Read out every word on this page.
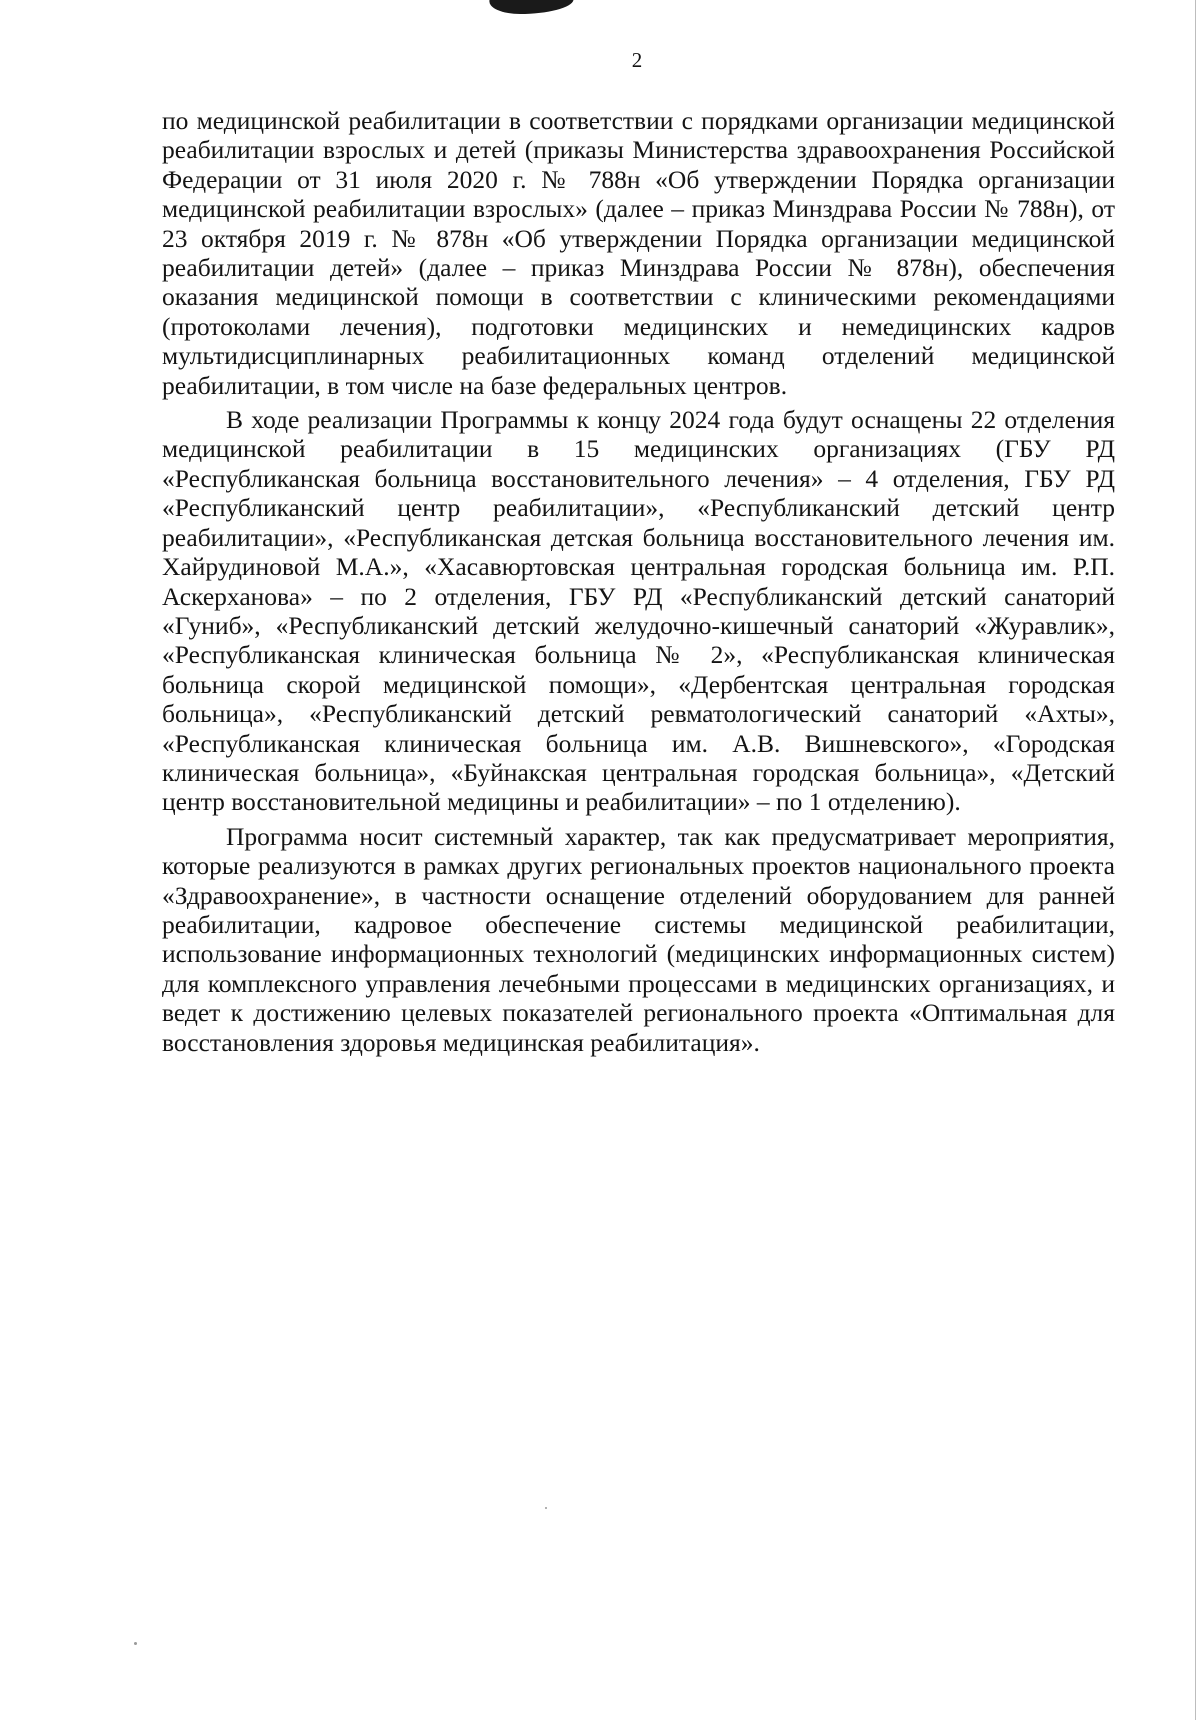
2

по медицинской реабилитации в соответствии с порядками организации медицинской реабилитации взрослых и детей (приказы Министерства здравоохранения Российской Федерации от 31 июля 2020 г. № 788н «Об утверждении Порядка организации медицинской реабилитации взрослых» (далее – приказ Минздрава России № 788н), от 23 октября 2019 г. № 878н «Об утверждении Порядка организации медицинской реабилитации детей» (далее – приказ Минздрава России № 878н), обеспечения оказания медицинской помощи в соответствии с клиническими рекомендациями (протоколами лечения), подготовки медицинских и немедицинских кадров мультидисциплинарных реабилитационных команд отделений медицинской реабилитации, в том числе на базе федеральных центров.

В ходе реализации Программы к концу 2024 года будут оснащены 22 отделения медицинской реабилитации в 15 медицинских организациях (ГБУ РД «Республиканская больница восстановительного лечения» – 4 отделения, ГБУ РД «Республиканский центр реабилитации», «Республиканский детский центр реабилитации», «Республиканская детская больница восстановительного лечения им. Хайрудиновой М.А.», «Хасавюртовская центральная городская больница им. Р.П. Аскерханова» – по 2 отделения, ГБУ РД «Республиканский детский санаторий «Гуниб», «Республиканский детский желудочно-кишечный санаторий «Журавлик», «Республиканская клиническая больница № 2», «Республиканская клиническая больница скорой медицинской помощи», «Дербентская центральная городская больница», «Республиканский детский ревматологический санаторий «Ахты», «Республиканская клиническая больница им. А.В. Вишневского», «Городская клиническая больница», «Буйнакская центральная городская больница», «Детский центр восстановительной медицины и реабилитации» – по 1 отделению).

Программа носит системный характер, так как предусматривает мероприятия, которые реализуются в рамках других региональных проектов национального проекта «Здравоохранение», в частности оснащение отделений оборудованием для ранней реабилитации, кадровое обеспечение системы медицинской реабилитации, использование информационных технологий (медицинских информационных систем) для комплексного управления лечебными процессами в медицинских организациях, и ведет к достижению целевых показателей регионального проекта «Оптимальная для восстановления здоровья медицинская реабилитация».
